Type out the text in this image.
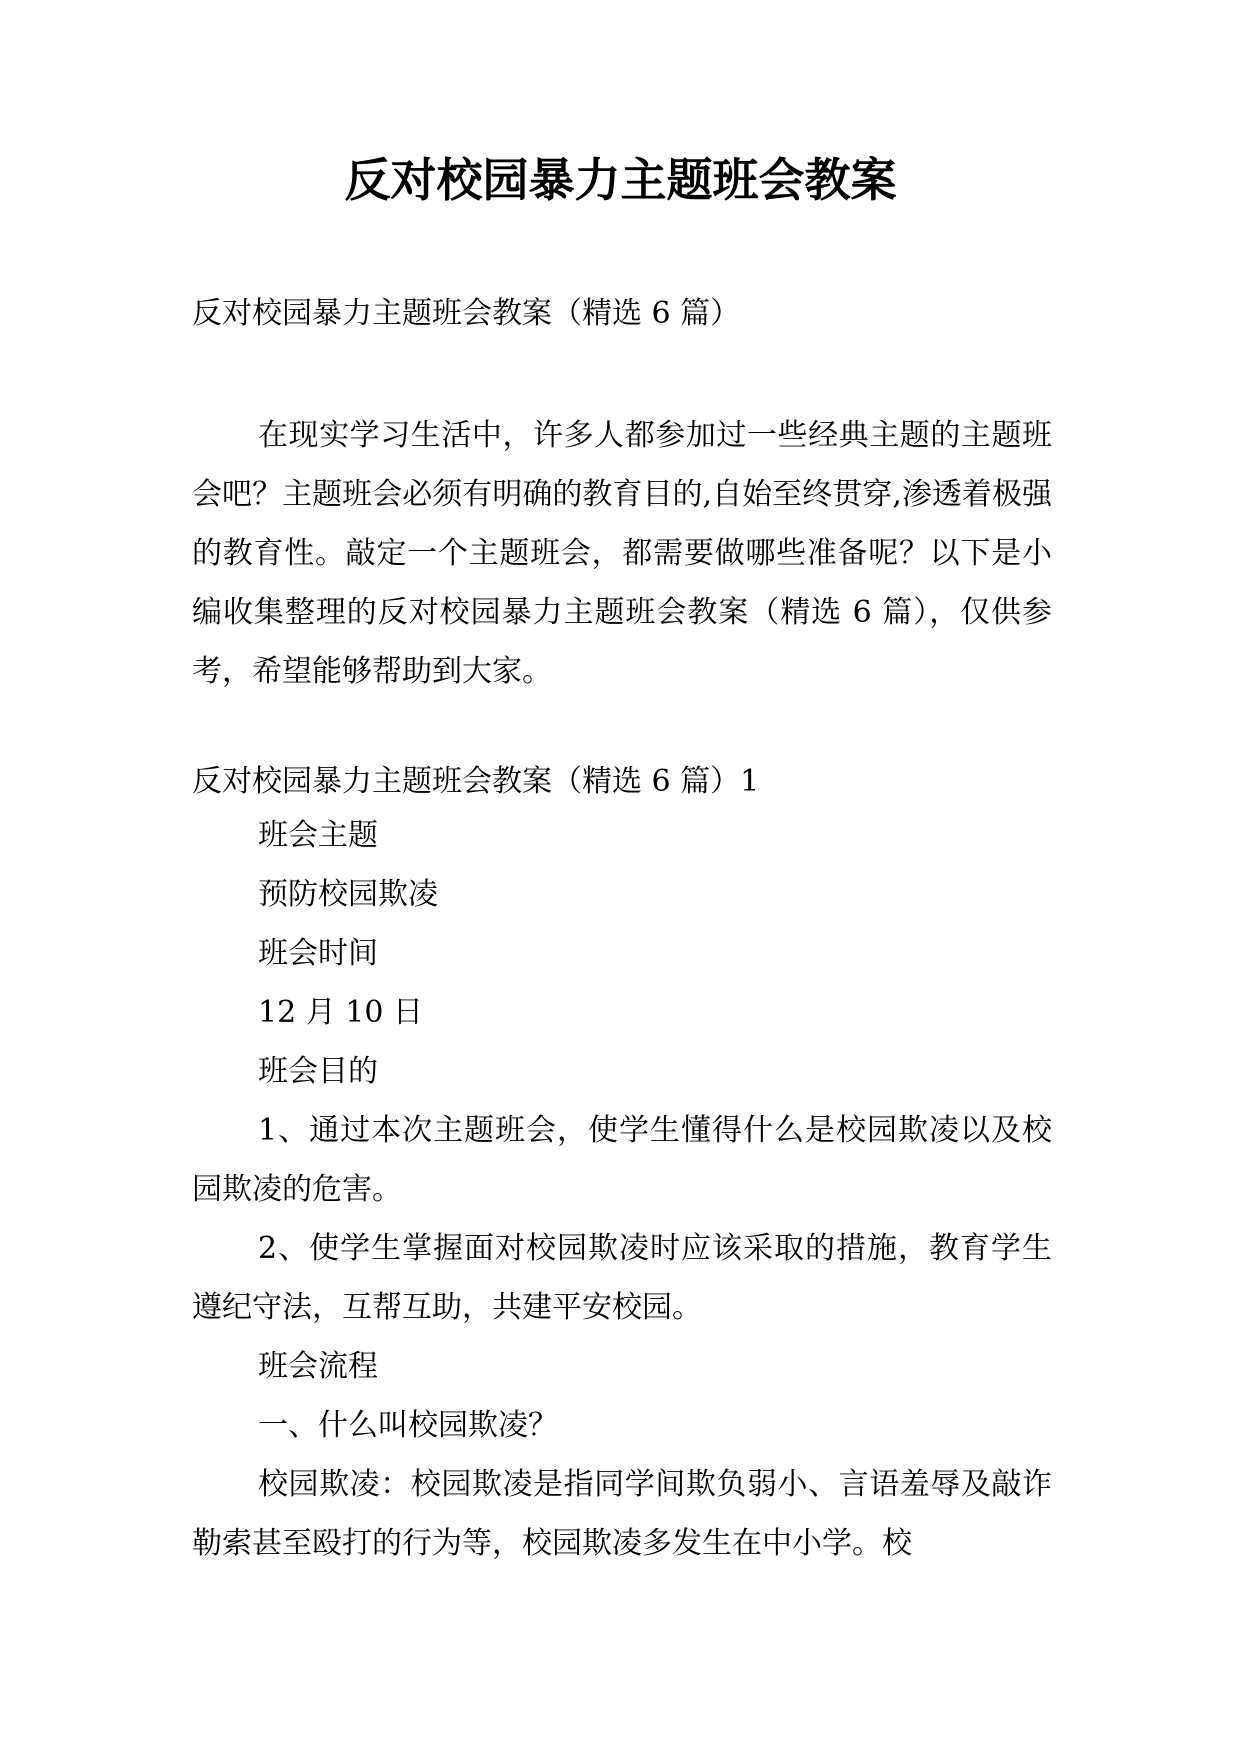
反对校园暴力主题班会教案
反对校园暴力主题班会教案（精选 6 篇）

在现实学习生活中，许多人都参加过一些经典主题的主题班会吧？主题班会必须有明确的教育目的,自始至终贯穿,渗透着极强的教育性。敲定一个主题班会，都需要做哪些准备呢？以下是小编收集整理的反对校园暴力主题班会教案（精选 6 篇），仅供参考，希望能够帮助到大家。

反对校园暴力主题班会教案（精选 6 篇）1

班会主题

预防校园欺凌

班会时间

12 月 10 日

班会目的

1、通过本次主题班会，使学生懂得什么是校园欺凌以及校园欺凌的危害。

2、使学生掌握面对校园欺凌时应该采取的措施，教育学生遵纪守法，互帮互助，共建平安校园。

班会流程

一、什么叫校园欺凌？

校园欺凌：校园欺凌是指同学间欺负弱小、言语羞辱及敲诈勒索甚至殴打的行为等，校园欺凌多发生在中小学。校
